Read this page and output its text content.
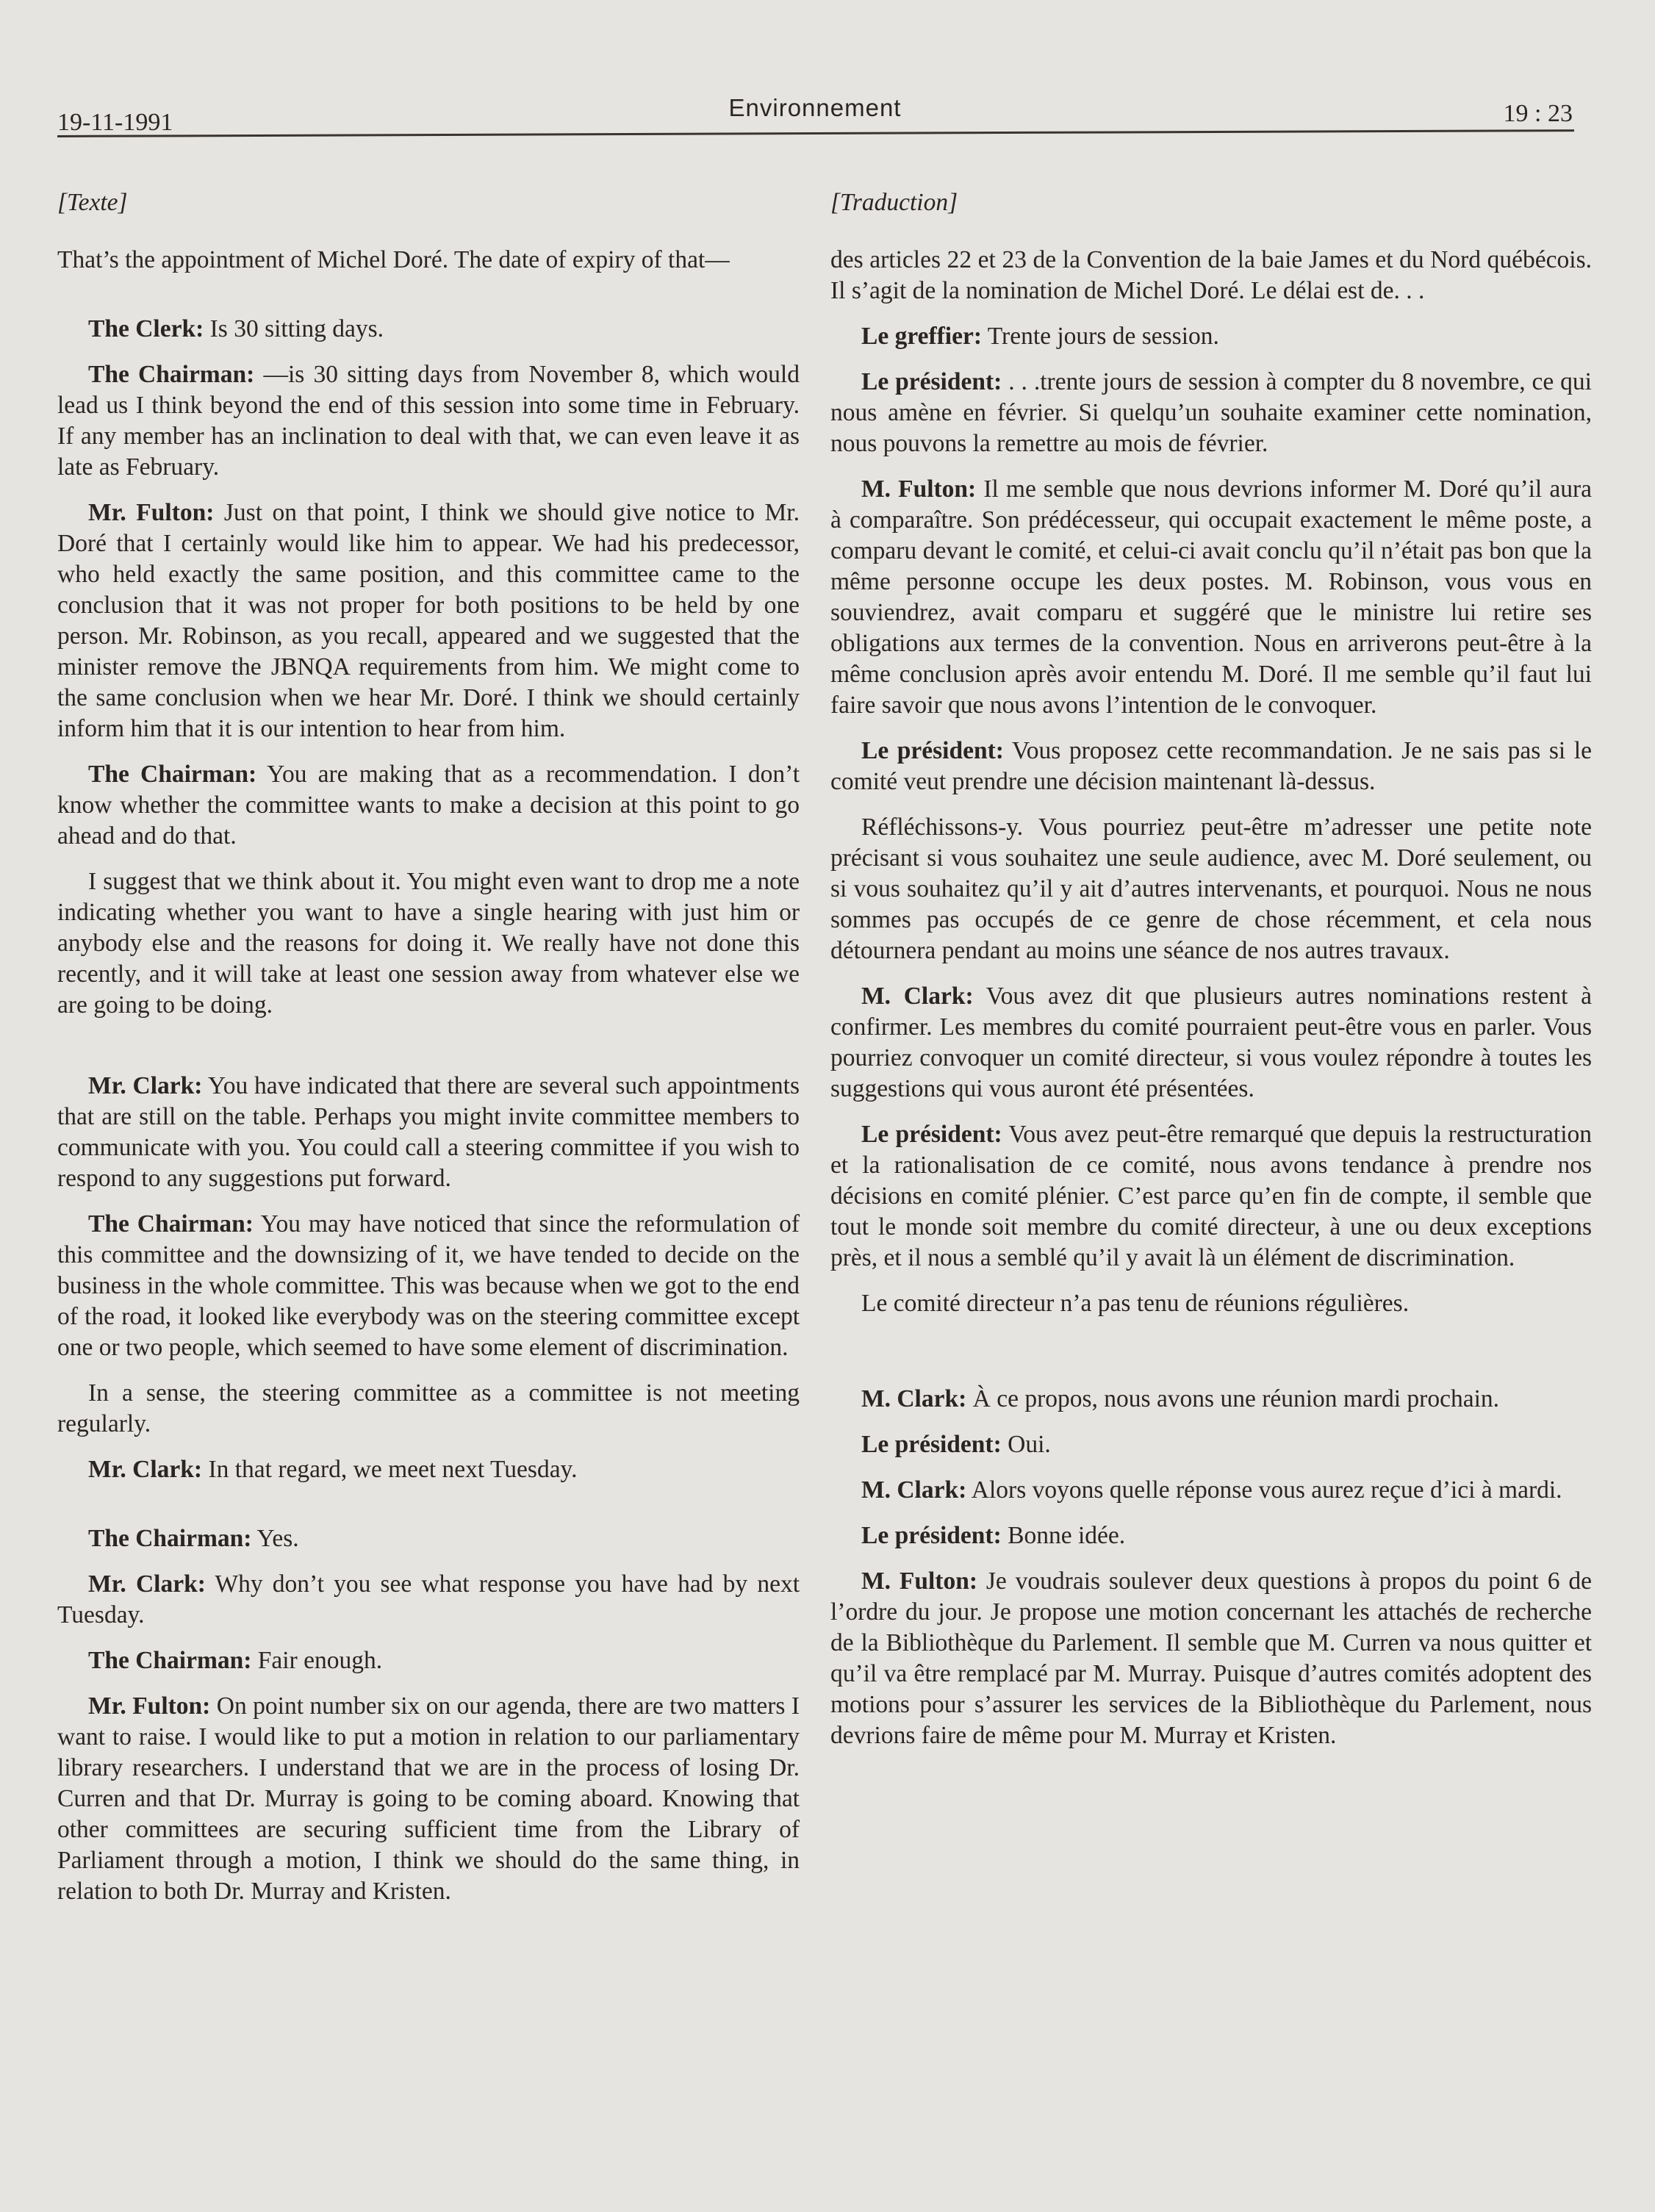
19-11-1991
Environnement	19 : 23

[Texte]

That’s the appointment of Michel Doré. The date of expiry of that—

The Clerk: Is 30 sitting days.

The Chairman: —is 30 sitting days from November 8, which would lead us I think beyond the end of this session into some time in February. If any member has an inclination to deal with that, we can even leave it as late as February.

Mr. Fulton: Just on that point, I think we should give notice to Mr. Doré that I certainly would like him to appear. We had his predecessor, who held exactly the same position, and this committee came to the conclusion that it was not proper for both positions to be held by one person. Mr. Robinson, as you recall, appeared and we suggested that the minister remove the JBNQA requirements from him. We might come to the same conclusion when we hear Mr. Doré. I think we should certainly inform him that it is our intention to hear from him.

The Chairman: You are making that as a recommendation. I don’t know whether the committee wants to make a decision at this point to go ahead and do that.

I suggest that we think about it. You might even want to drop me a note indicating whether you want to have a single hearing with just him or anybody else and the reasons for doing it. We really have not done this recently, and it will take at least one session away from whatever else we are going to be doing.

Mr. Clark: You have indicated that there are several such appointments that are still on the table. Perhaps you might invite committee members to communicate with you. You could call a steering committee if you wish to respond to any suggestions put forward.

The Chairman: You may have noticed that since the reformulation of this committee and the downsizing of it, we have tended to decide on the business in the whole committee. This was because when we got to the end of the road, it looked like everybody was on the steering committee except one or two people, which seemed to have some element of discrimination.

In a sense, the steering committee as a committee is not meeting regularly.

Mr. Clark: In that regard, we meet next Tuesday.

The Chairman: Yes.

Mr. Clark: Why don’t you see what response you have had by next Tuesday.

The Chairman: Fair enough.

Mr. Fulton: On point number six on our agenda, there are two matters I want to raise. I would like to put a motion in relation to our parliamentary library researchers. I understand that we are in the process of losing Dr. Curren and that Dr. Murray is going to be coming aboard. Knowing that other committees are securing sufficient time from the Library of Parliament through a motion, I think we should do the same thing, in relation to both Dr. Murray and Kristen.

[Traduction]

des articles 22 et 23 de la Convention de la baie James et du Nord québécois. Il s’agit de la nomination de Michel Doré. Le délai est de. . .

Le greffier: Trente jours de session.

Le président: . . .trente jours de session à compter du 8 novembre, ce qui nous amène en février. Si quelqu’un souhaite examiner cette nomination, nous pouvons la remettre au mois de février.

M. Fulton: Il me semble que nous devrions informer M. Doré qu’il aura à comparaître. Son prédécesseur, qui occupait exactement le même poste, a comparu devant le comité, et celui-ci avait conclu qu’il n’était pas bon que la même personne occupe les deux postes. M. Robinson, vous vous en souviendrez, avait comparu et suggéré que le ministre lui retire ses obligations aux termes de la convention. Nous en arriverons peut-être à la même conclusion après avoir entendu M. Doré. Il me semble qu’il faut lui faire savoir que nous avons l’intention de le convoquer.

Le président: Vous proposez cette recommandation. Je ne sais pas si le comité veut prendre une décision maintenant là-dessus.

Réfléchissons-y. Vous pourriez peut-être m’adresser une petite note précisant si vous souhaitez une seule audience, avec M. Doré seulement, ou si vous souhaitez qu’il y ait d’autres intervenants, et pourquoi. Nous ne nous sommes pas occupés de ce genre de chose récemment, et cela nous détournera pendant au moins une séance de nos autres travaux.

M. Clark: Vous avez dit que plusieurs autres nominations restent à confirmer. Les membres du comité pourraient peut-être vous en parler. Vous pourriez convoquer un comité directeur, si vous voulez répondre à toutes les suggestions qui vous auront été présentées.

Le président: Vous avez peut-être remarqué que depuis la restructuration et la rationalisation de ce comité, nous avons tendance à prendre nos décisions en comité plénier. C’est parce qu’en fin de compte, il semble que tout le monde soit membre du comité directeur, à une ou deux exceptions près, et il nous a semblé qu’il y avait là un élément de discrimination.

Le comité directeur n’a pas tenu de réunions régulières.

M. Clark: À ce propos, nous avons une réunion mardi prochain.

Le président: Oui.

M. Clark: Alors voyons quelle réponse vous aurez reçue d’ici à mardi.

Le président: Bonne idée.

M. Fulton: Je voudrais soulever deux questions à propos du point 6 de l’ordre du jour. Je propose une motion concernant les attachés de recherche de la Bibliothèque du Parlement. Il semble que M. Curren va nous quitter et qu’il va être remplacé par M. Murray. Puisque d’autres comités adoptent des motions pour s’assurer les services de la Bibliothèque du Parlement, nous devrions faire de même pour M. Murray et Kristen.
